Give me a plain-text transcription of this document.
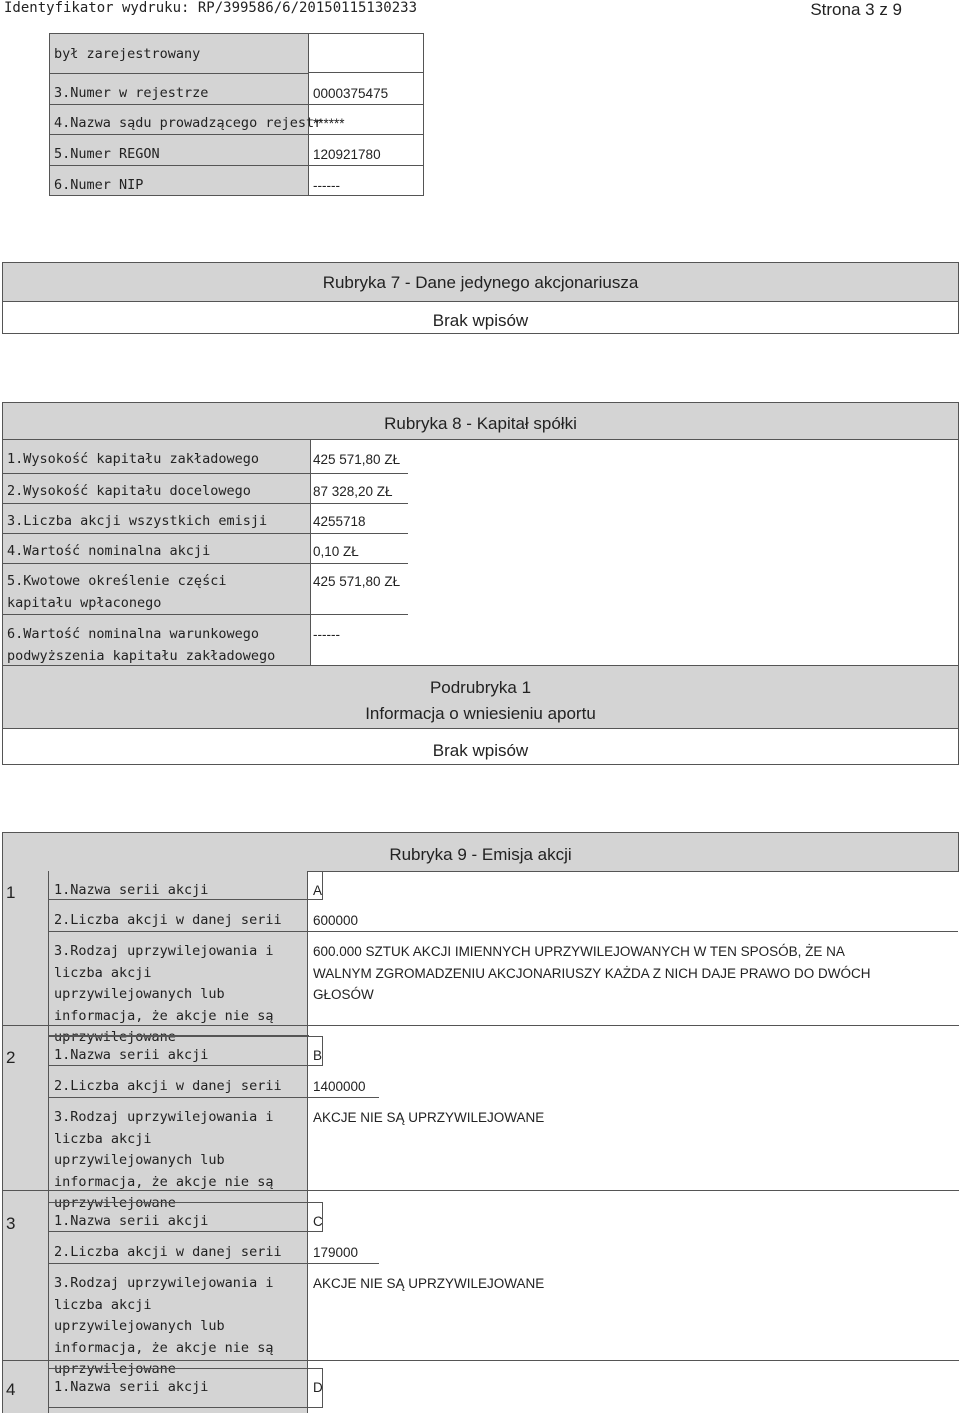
Identyfikator wydruku: RP/399586/6/20150115130233	Strona 3 z 9
był zarejestrowany
3.Numer w rejestrze	0000375475
4.Nazwa sądu prowadzącego rejestr
******
5.Numer REGON	120921780
6.Numer NIP	------
Rubryka 7 - Dane jedynego akcjonariusza
Brak wpisów
Rubryka 8 - Kapitał spółki
1.Wysokość kapitału zakładowego	425 571,80 ZŁ
2.Wysokość kapitału docelowego	87 328,20 ZŁ
3.Liczba akcji wszystkich emisji	4255718
4.Wartość nominalna akcji	0,10 ZŁ
5.Kwotowe określenie części kapitału wpłaconego
425 571,80 ZŁ
6.Wartość nominalna warunkowego podwyższenia kapitału zakładowego
------
Podrubryka 1
Informacja o wniesieniu aportu
Brak wpisów
Rubryka 9 - Emisja akcji
1	1.Nazwa serii akcji	A
2.Liczba akcji w danej serii 600000
3.Rodzaj uprzywilejowania i liczba akcji uprzywilejowanych lub informacja, że akcje nie są uprzywilejowane
600.000 SZTUK AKCJI IMIENNYCH UPRZYWILEJOWANYCH W TEN SPOSÓB, ŻE NA WALNYM ZGROMADZENIU AKCJONARIUSZY KAŻDA Z NICH DAJE PRAWO DO DWÓCH GŁOSÓW
2	1.Nazwa serii akcji	B
2.Liczba akcji w danej serii 1400000
3.Rodzaj uprzywilejowania i liczba akcji uprzywilejowanych lub informacja, że akcje nie są uprzywilejowane
AKCJE NIE SĄ UPRZYWILEJOWANE
3	1.Nazwa serii akcji	C
2.Liczba akcji w danej serii 179000
3.Rodzaj uprzywilejowania i liczba akcji uprzywilejowanych lub informacja, że akcje nie są uprzywilejowane
AKCJE NIE SĄ UPRZYWILEJOWANE
4	1.Nazwa serii akcji	D
